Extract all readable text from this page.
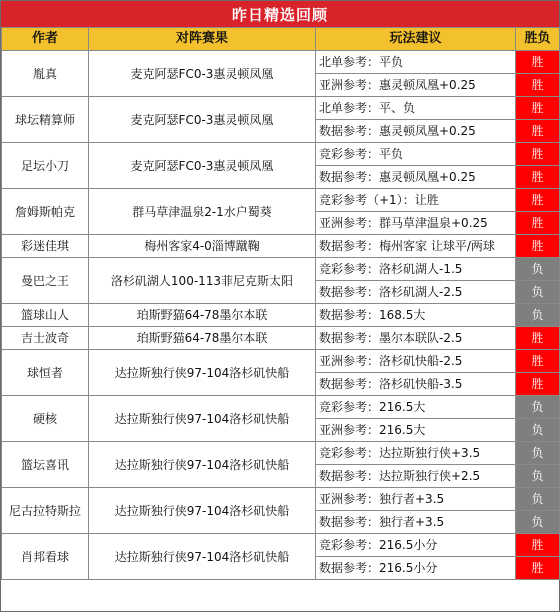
昨日精选回顾
作者	对阵赛果	玩法建议	胜负
胤真	麦克阿瑟FC0-3惠灵顿凤凰	北单参考：平负	胜
		亚洲参考：惠灵顿凤凰+0.25	胜
球坛精算师	麦克阿瑟FC0-3惠灵顿凤凰	北单参考：平、负	胜
		数据参考：惠灵顿凤凰+0.25	胜
足坛小刀	麦克阿瑟FC0-3惠灵顿凤凰	竞彩参考：平负	胜
		数据参考：惠灵顿凤凰+0.25	胜
詹姆斯帕克	群马草津温泉2-1水户蜀葵	竞彩参考（+1）：让胜	胜
		亚洲参考：群马草津温泉+0.25	胜
彩迷佳琪	梅州客家4-0淄博蹴鞠	数据参考：梅州客家 让球平/两球	胜
曼巴之王	洛杉矶湖人100-113菲尼克斯太阳	竞彩参考：洛杉矶湖人-1.5	负
		数据参考：洛杉矶湖人-2.5	负
篮球山人	珀斯野猫64-78墨尔本联	数据参考：168.5大	负
吉士波奇	珀斯野猫64-78墨尔本联	数据参考：墨尔本联队-2.5	胜
球恒者	达拉斯独行侠97-104洛杉矶快船	亚洲参考：洛杉矶快船-2.5	胜
		数据参考：洛杉矶快船-3.5	胜
硬核	达拉斯独行侠97-104洛杉矶快船	竞彩参考：216.5大	负
		亚洲参考：216.5大	负
篮坛喜讯	达拉斯独行侠97-104洛杉矶快船	竞彩参考：达拉斯独行侠+3.5	负
		数据参考：达拉斯独行侠+2.5	负
尼古拉特斯拉	达拉斯独行侠97-104洛杉矶快船	亚洲参考：独行者+3.5	负
		数据参考：独行者+3.5	负
肖邦看球	达拉斯独行侠97-104洛杉矶快船	竞彩参考：216.5小分	胜
		数据参考：216.5小分	胜
